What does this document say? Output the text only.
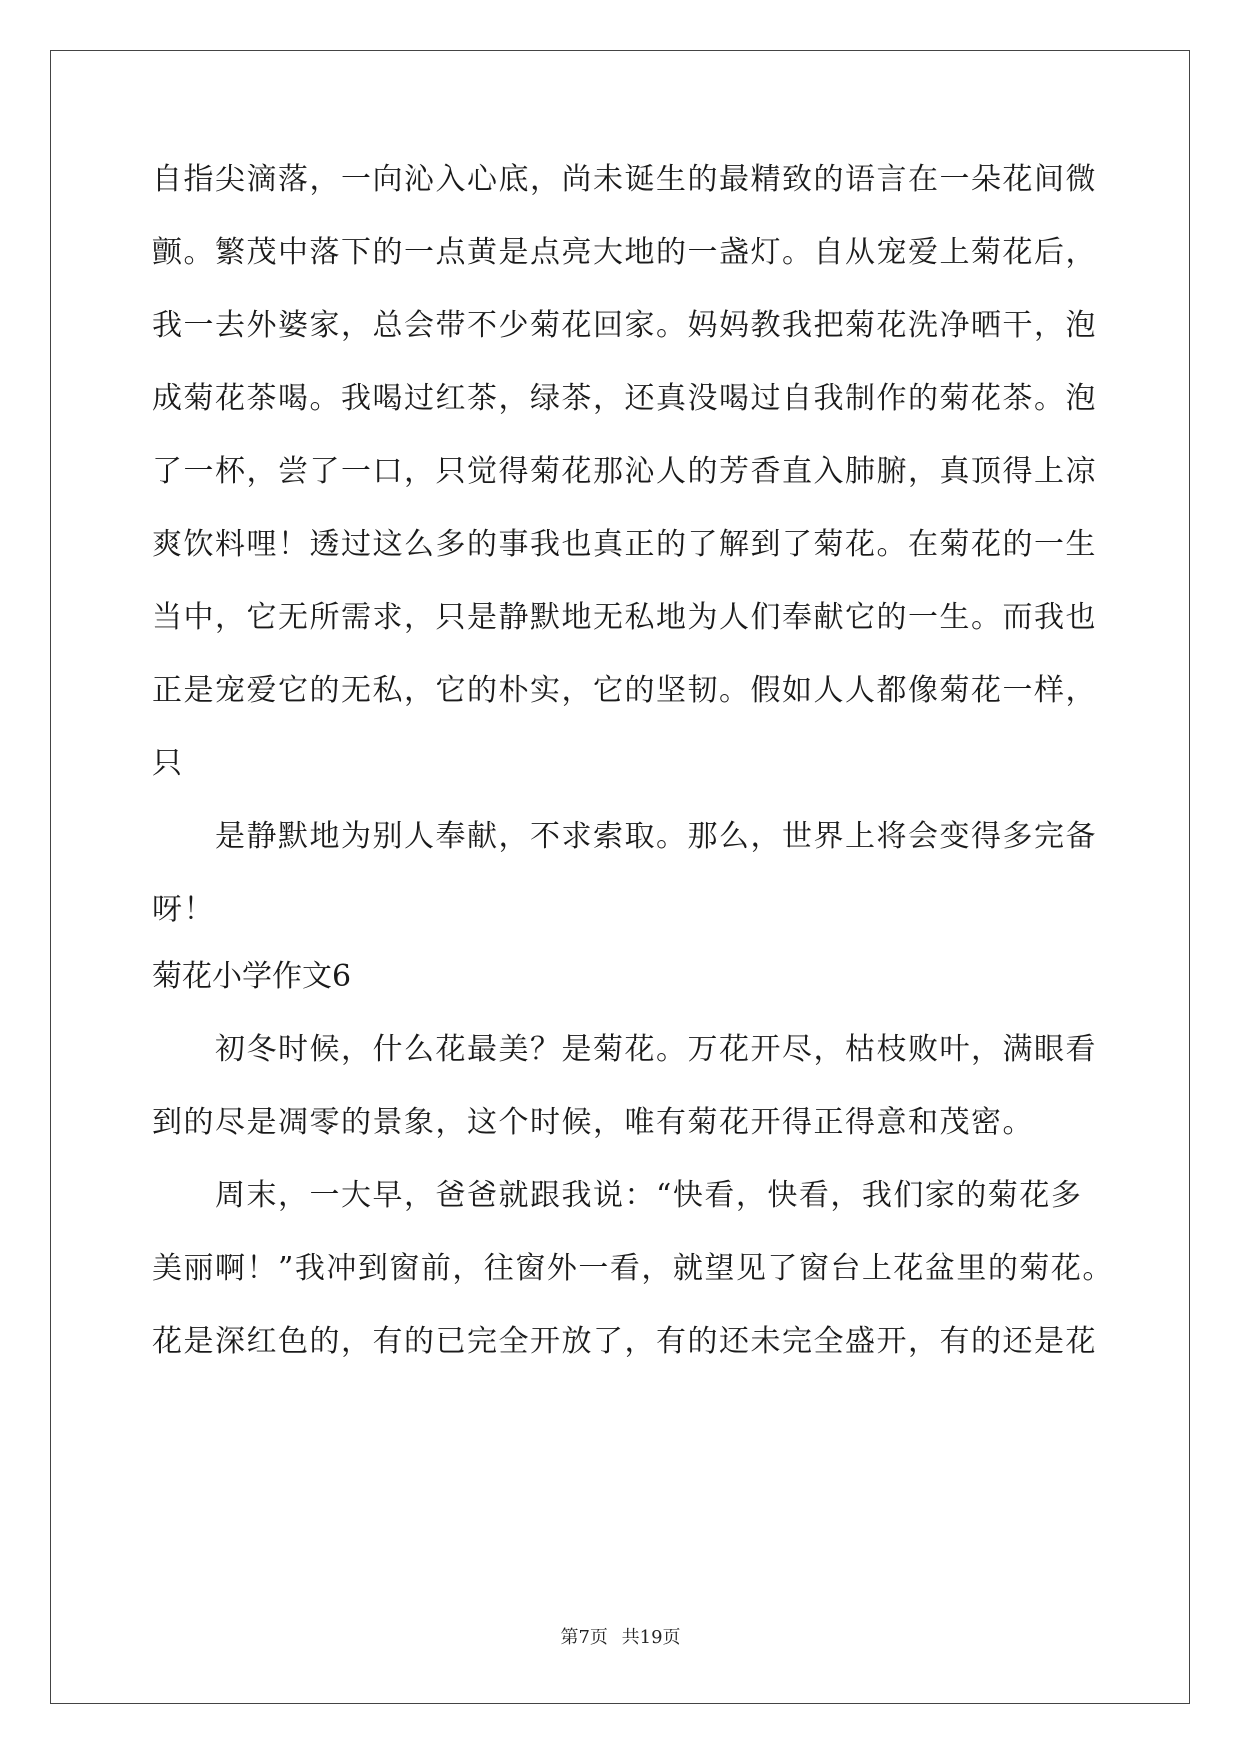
自指尖滴落，一向沁入心底，尚未诞生的最精致的语言在一朵花间微
颤。繁茂中落下的一点黄是点亮大地的一盏灯。自从宠爱上菊花后，
我一去外婆家，总会带不少菊花回家。妈妈教我把菊花洗净晒干，泡
成菊花茶喝。我喝过红茶，绿茶，还真没喝过自我制作的菊花茶。泡
了一杯，尝了一口，只觉得菊花那沁人的芳香直入肺腑，真顶得上凉
爽饮料哩！透过这么多的事我也真正的了解到了菊花。在菊花的一生
当中，它无所需求，只是静默地无私地为人们奉献它的一生。而我也
正是宠爱它的无私，它的朴实，它的坚韧。假如人人都像菊花一样，
只
　　是静默地为别人奉献，不求索取。那么，世界上将会变得多完备
呀！
菊花小学作文6
　　初冬时候，什么花最美？是菊花。万花开尽，枯枝败叶，满眼看
到的尽是凋零的景象，这个时候，唯有菊花开得正得意和茂密。
　　周末，一大早，爸爸就跟我说：“快看，快看，我们家的菊花多
美丽啊！”我冲到窗前，往窗外一看，就望见了窗台上花盆里的菊花。
花是深红色的，有的已完全开放了，有的还未完全盛开，有的还是花
第7页 共19页
